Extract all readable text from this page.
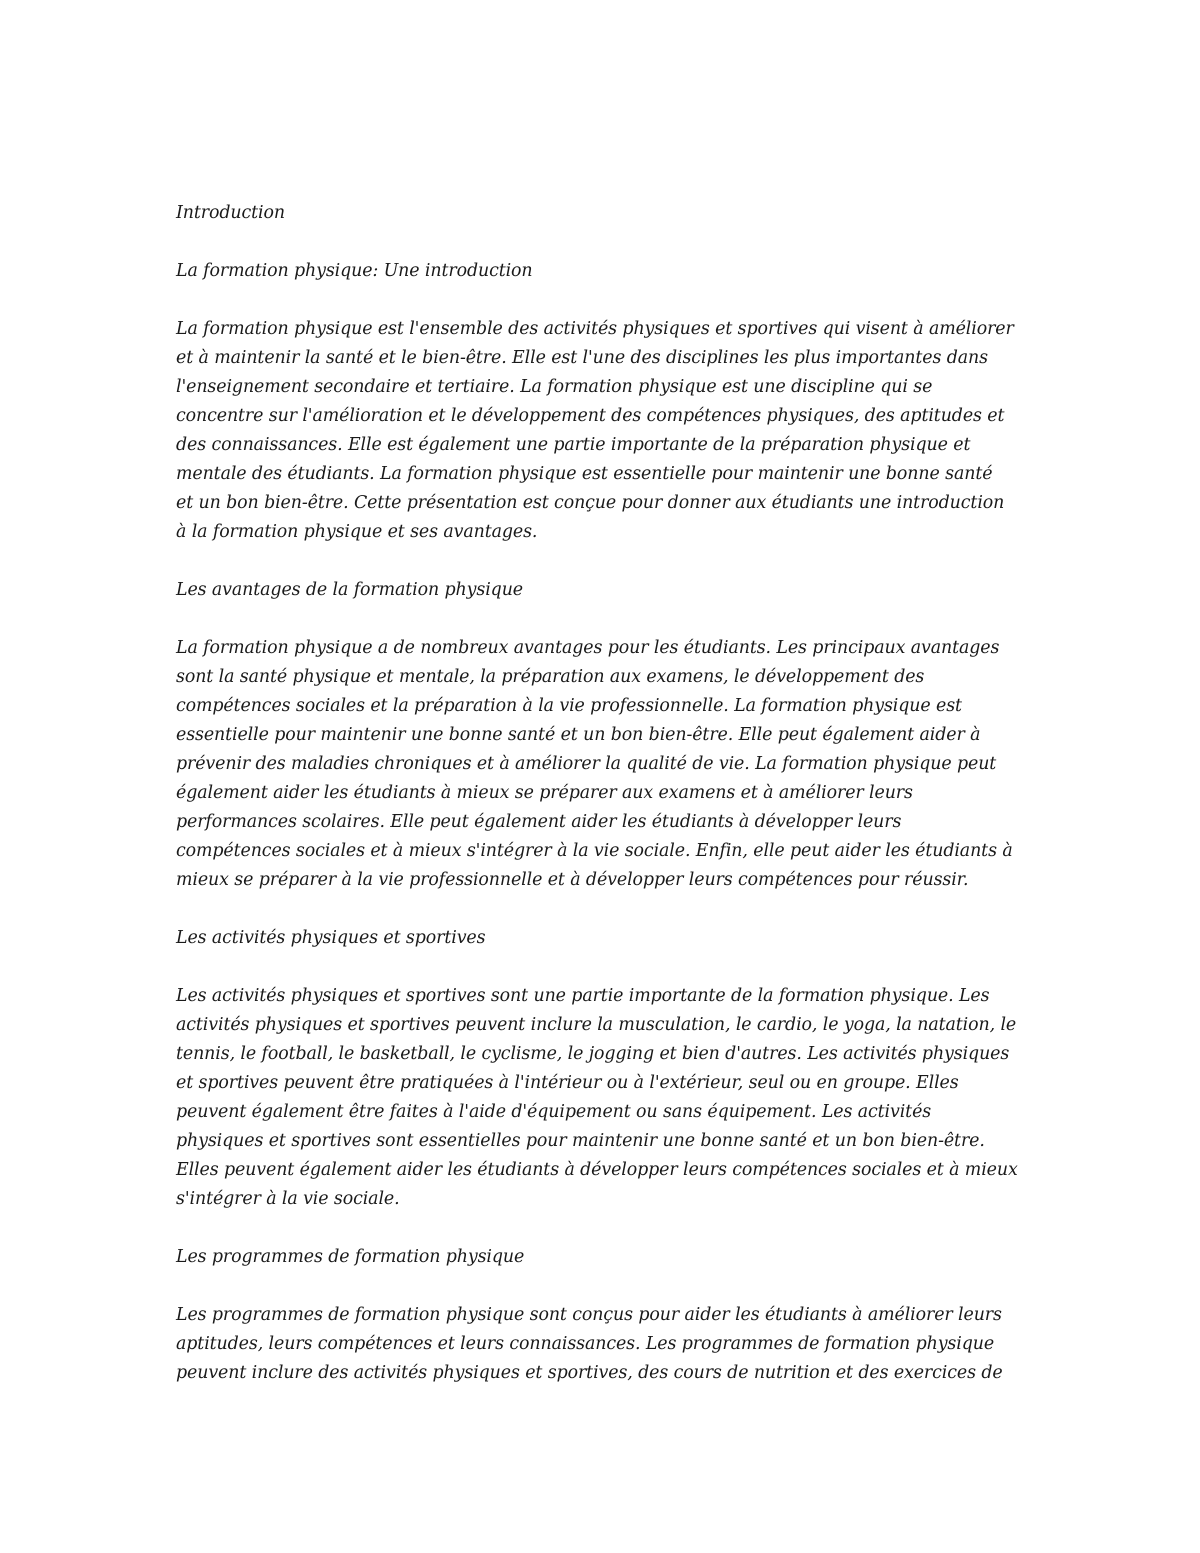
Introduction

La formation physique: Une introduction

La formation physique est l'ensemble des activités physiques et sportives qui visent à améliorer
et à maintenir la santé et le bien-être. Elle est l'une des disciplines les plus importantes dans
l'enseignement secondaire et tertiaire. La formation physique est une discipline qui se
concentre sur l'amélioration et le développement des compétences physiques, des aptitudes et
des connaissances. Elle est également une partie importante de la préparation physique et
mentale des étudiants. La formation physique est essentielle pour maintenir une bonne santé
et un bon bien-être. Cette présentation est conçue pour donner aux étudiants une introduction
à la formation physique et ses avantages.

Les avantages de la formation physique

La formation physique a de nombreux avantages pour les étudiants. Les principaux avantages
sont la santé physique et mentale, la préparation aux examens, le développement des
compétences sociales et la préparation à la vie professionnelle. La formation physique est
essentielle pour maintenir une bonne santé et un bon bien-être. Elle peut également aider à
prévenir des maladies chroniques et à améliorer la qualité de vie. La formation physique peut
également aider les étudiants à mieux se préparer aux examens et à améliorer leurs
performances scolaires. Elle peut également aider les étudiants à développer leurs
compétences sociales et à mieux s'intégrer à la vie sociale. Enfin, elle peut aider les étudiants à
mieux se préparer à la vie professionnelle et à développer leurs compétences pour réussir.

Les activités physiques et sportives

Les activités physiques et sportives sont une partie importante de la formation physique. Les
activités physiques et sportives peuvent inclure la musculation, le cardio, le yoga, la natation, le
tennis, le football, le basketball, le cyclisme, le jogging et bien d'autres. Les activités physiques
et sportives peuvent être pratiquées à l'intérieur ou à l'extérieur, seul ou en groupe. Elles
peuvent également être faites à l'aide d'équipement ou sans équipement. Les activités
physiques et sportives sont essentielles pour maintenir une bonne santé et un bon bien-être.
Elles peuvent également aider les étudiants à développer leurs compétences sociales et à mieux
s'intégrer à la vie sociale.

Les programmes de formation physique

Les programmes de formation physique sont conçus pour aider les étudiants à améliorer leurs
aptitudes, leurs compétences et leurs connaissances. Les programmes de formation physique
peuvent inclure des activités physiques et sportives, des cours de nutrition et des exercices de
